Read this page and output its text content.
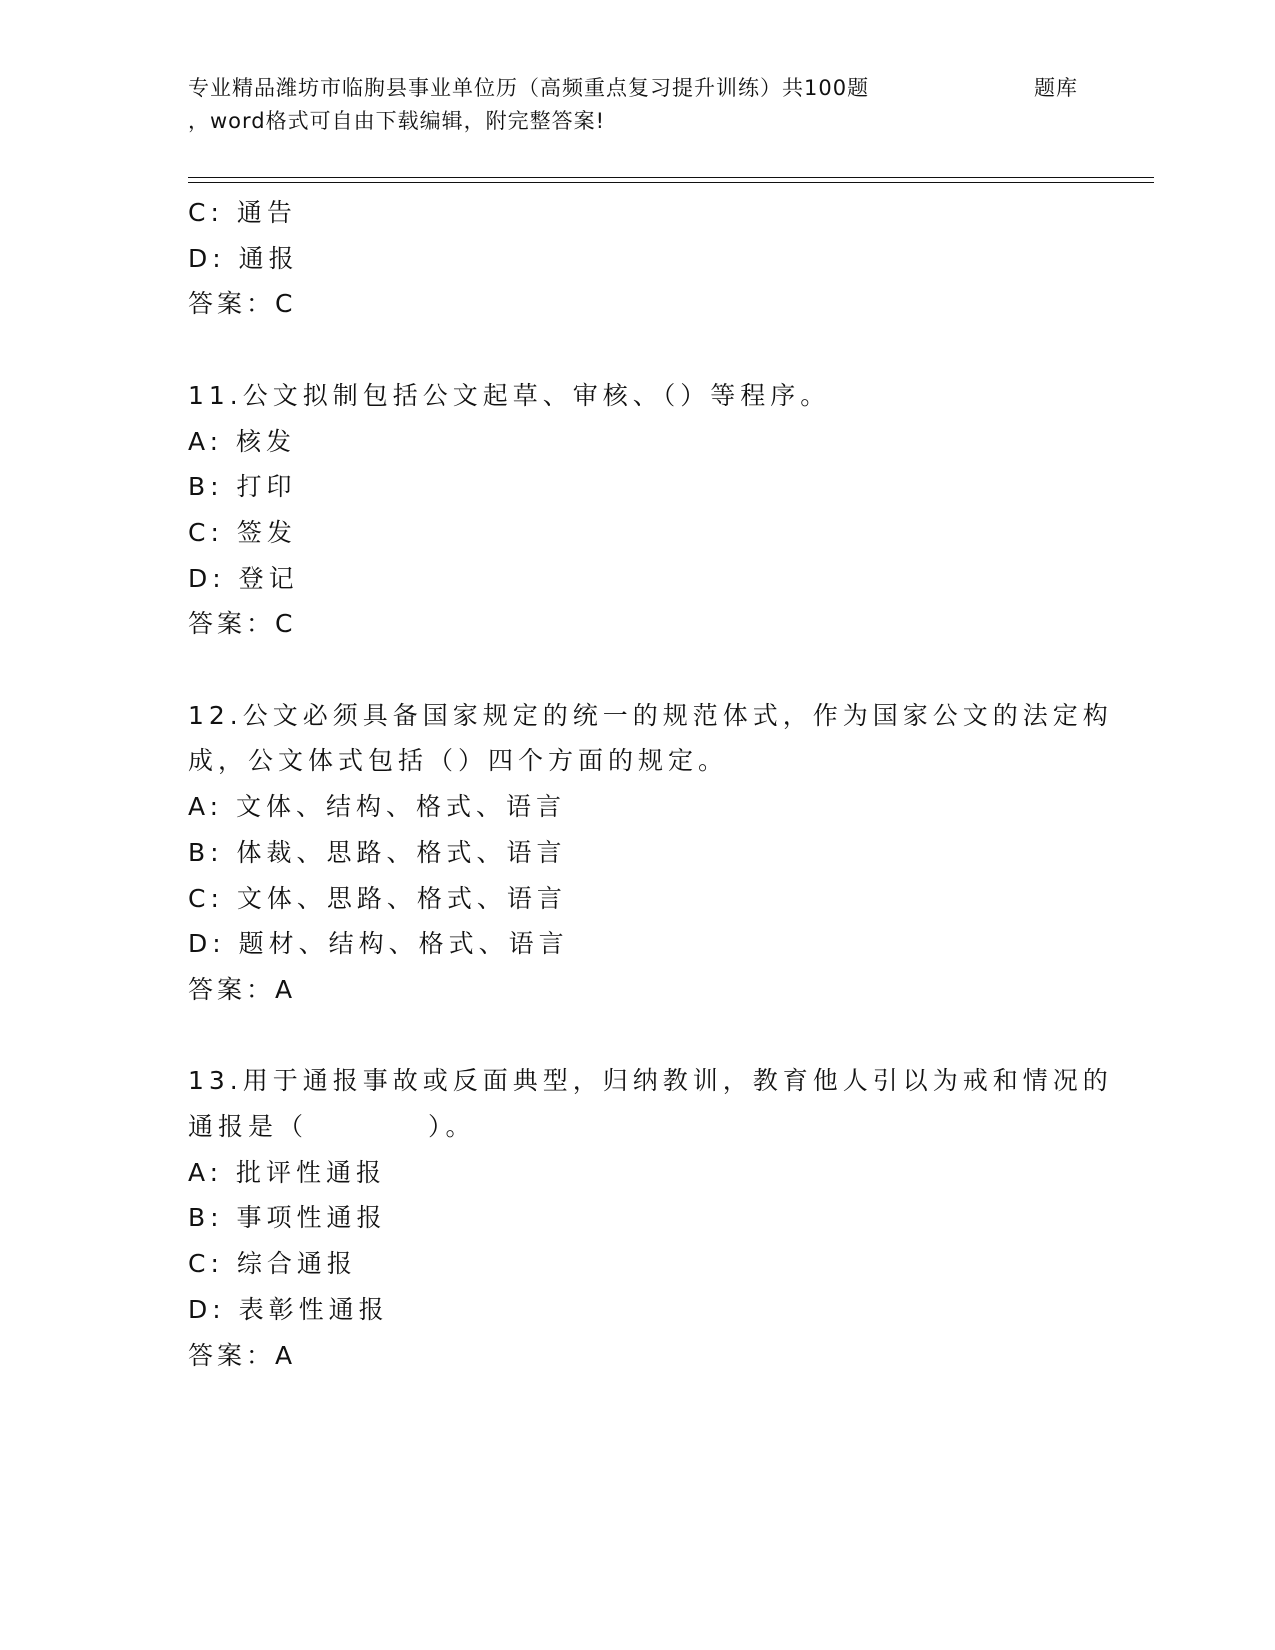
专业精品潍坊市临朐县事业单位历（高频重点复习提升训练）共100题	题库
，word格式可自由下载编辑，附完整答案!
C: 通告
D: 通报
答案：C
11.公文拟制包括公文起草、审核、（）等程序。
A: 核发
B: 打印
C: 签发
D: 登记
答案：C
12.公文必须具备国家规定的统一的规范体式，作为国家公文的法定构
成，公文体式包括（）四个方面的规定。
A: 文体、结构、格式、语言
B: 体裁、思路、格式、语言
C: 文体、思路、格式、语言
D: 题材、结构、格式、语言
答案：A
13.用于通报事故或反面典型，归纳教训，教育他人引以为戒和情况的
通报是（　　　　）。
A: 批评性通报
B: 事项性通报
C: 综合通报
D: 表彰性通报
答案：A
